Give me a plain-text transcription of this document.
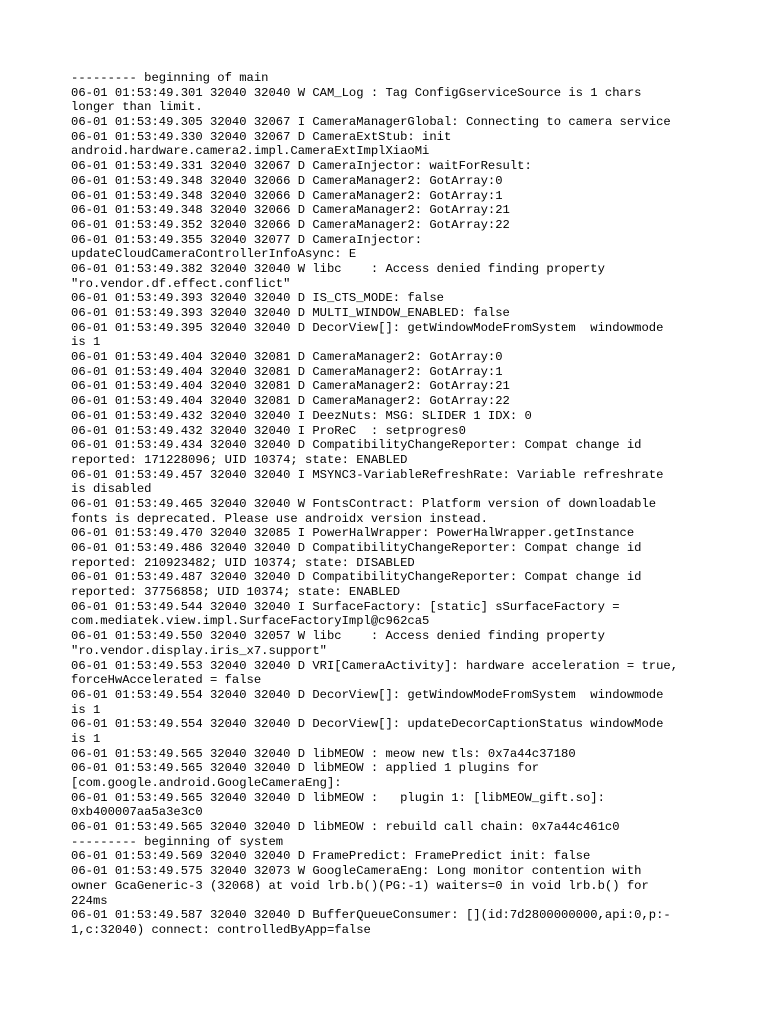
--------- beginning of main
06-01 01:53:49.301 32040 32040 W CAM_Log : Tag ConfigGserviceSource is 1 chars
longer than limit.
06-01 01:53:49.305 32040 32067 I CameraManagerGlobal: Connecting to camera service
06-01 01:53:49.330 32040 32067 D CameraExtStub: init
android.hardware.camera2.impl.CameraExtImplXiaoMi
06-01 01:53:49.331 32040 32067 D CameraInjector: waitForResult:
06-01 01:53:49.348 32040 32066 D CameraManager2: GotArray:0
06-01 01:53:49.348 32040 32066 D CameraManager2: GotArray:1
06-01 01:53:49.348 32040 32066 D CameraManager2: GotArray:21
06-01 01:53:49.352 32040 32066 D CameraManager2: GotArray:22
06-01 01:53:49.355 32040 32077 D CameraInjector:
updateCloudCameraControllerInfoAsync: E
06-01 01:53:49.382 32040 32040 W libc    : Access denied finding property
"ro.vendor.df.effect.conflict"
06-01 01:53:49.393 32040 32040 D IS_CTS_MODE: false
06-01 01:53:49.393 32040 32040 D MULTI_WINDOW_ENABLED: false
06-01 01:53:49.395 32040 32040 D DecorView[]: getWindowModeFromSystem  windowmode
is 1
06-01 01:53:49.404 32040 32081 D CameraManager2: GotArray:0
06-01 01:53:49.404 32040 32081 D CameraManager2: GotArray:1
06-01 01:53:49.404 32040 32081 D CameraManager2: GotArray:21
06-01 01:53:49.404 32040 32081 D CameraManager2: GotArray:22
06-01 01:53:49.432 32040 32040 I DeezNuts: MSG: SLIDER 1 IDX: 0
06-01 01:53:49.432 32040 32040 I ProReC  : setprogres0
06-01 01:53:49.434 32040 32040 D CompatibilityChangeReporter: Compat change id
reported: 171228096; UID 10374; state: ENABLED
06-01 01:53:49.457 32040 32040 I MSYNC3-VariableRefreshRate: Variable refreshrate
is disabled
06-01 01:53:49.465 32040 32040 W FontsContract: Platform version of downloadable
fonts is deprecated. Please use androidx version instead.
06-01 01:53:49.470 32040 32085 I PowerHalWrapper: PowerHalWrapper.getInstance
06-01 01:53:49.486 32040 32040 D CompatibilityChangeReporter: Compat change id
reported: 210923482; UID 10374; state: DISABLED
06-01 01:53:49.487 32040 32040 D CompatibilityChangeReporter: Compat change id
reported: 37756858; UID 10374; state: ENABLED
06-01 01:53:49.544 32040 32040 I SurfaceFactory: [static] sSurfaceFactory =
com.mediatek.view.impl.SurfaceFactoryImpl@c962ca5
06-01 01:53:49.550 32040 32057 W libc    : Access denied finding property
"ro.vendor.display.iris_x7.support"
06-01 01:53:49.553 32040 32040 D VRI[CameraActivity]: hardware acceleration = true,
forceHwAccelerated = false
06-01 01:53:49.554 32040 32040 D DecorView[]: getWindowModeFromSystem  windowmode
is 1
06-01 01:53:49.554 32040 32040 D DecorView[]: updateDecorCaptionStatus windowMode
is 1
06-01 01:53:49.565 32040 32040 D libMEOW : meow new tls: 0x7a44c37180
06-01 01:53:49.565 32040 32040 D libMEOW : applied 1 plugins for
[com.google.android.GoogleCameraEng]:
06-01 01:53:49.565 32040 32040 D libMEOW :   plugin 1: [libMEOW_gift.so]:
0xb400007aa5a3e3c0
06-01 01:53:49.565 32040 32040 D libMEOW : rebuild call chain: 0x7a44c461c0
--------- beginning of system
06-01 01:53:49.569 32040 32040 D FramePredict: FramePredict init: false
06-01 01:53:49.575 32040 32073 W GoogleCameraEng: Long monitor contention with
owner GcaGeneric-3 (32068) at void lrb.b()(PG:-1) waiters=0 in void lrb.b() for
224ms
06-01 01:53:49.587 32040 32040 D BufferQueueConsumer: [](id:7d2800000000,api:0,p:-
1,c:32040) connect: controlledByApp=false
